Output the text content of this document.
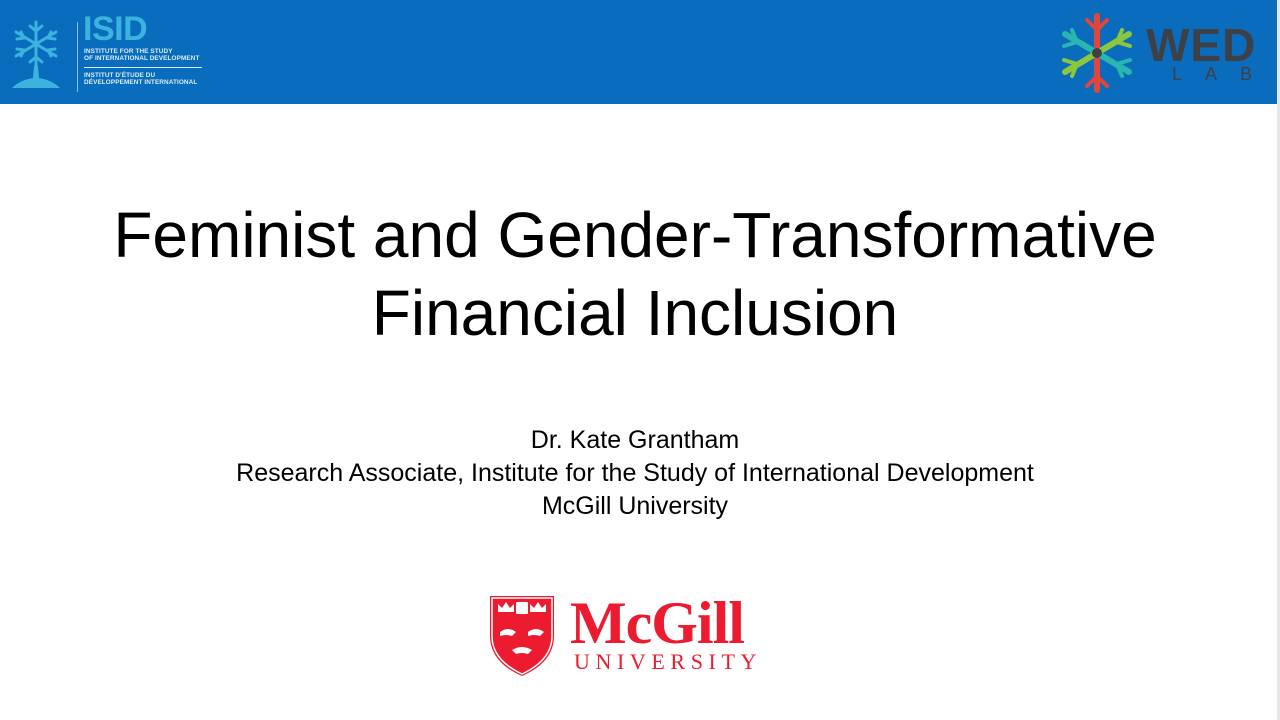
ISID
INSTITUTE FOR THE STUDY
OF INTERNATIONAL DEVELOPMENT
INSTITUT D'ÉTUDE DU
DÉVELOPPEMENT INTERNATIONAL
WED
LAB
Feminist and Gender-Transformative
Financial Inclusion
Dr. Kate Grantham
Research Associate, Institute for the Study of International Development
McGill University
McGill
UNIVERSITY
